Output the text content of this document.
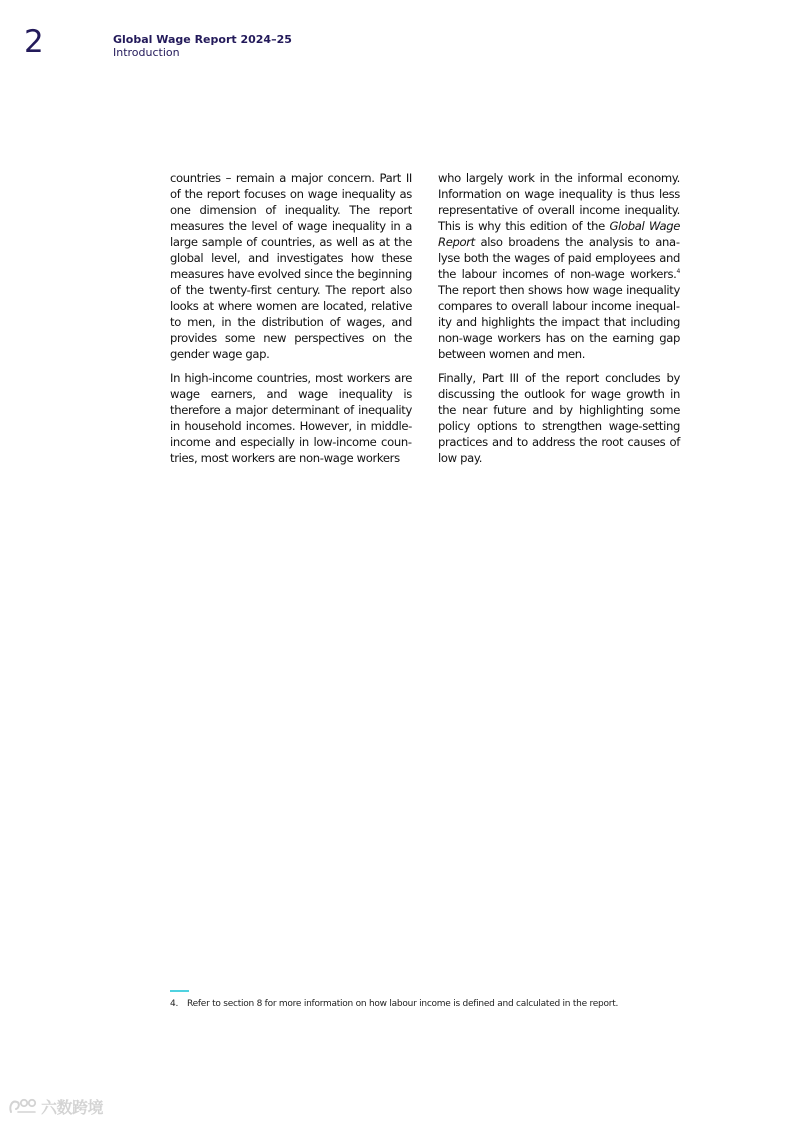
2	Global Wage Report 2024–25
Introduction

countries – remain a major concern. Part II of the report focuses on wage inequality as one dimension of inequality. The report measures the level of wage inequality in a large sample of countries, as well as at the global level, and investigates how these measures have evolved since the beginning of the twenty-first century. The report also looks at where women are located, relative to men, in the distribution of wages, and provides some new perspectives on the gender wage gap.

In high-income countries, most workers are wage earners, and wage inequality is therefore a major determinant of inequality in household incomes. However, in middle-income and especially in low-income countries, most workers are non-wage workers

who largely work in the informal economy. Information on wage inequality is thus less representative of overall income inequality. This is why this edition of the Global Wage Report also broadens the analysis to analyse both the wages of paid employees and the labour incomes of non-wage workers.$^4$ The report then shows how wage inequality compares to overall labour income inequality and highlights the impact that including non-wage workers has on the earning gap between women and men.

Finally, Part III of the report concludes by discussing the outlook for wage growth in the near future and by highlighting some policy options to strengthen wage-setting practices and to address the root causes of low pay.

4. Refer to section 8 for more information on how labour income is defined and calculated in the report.
六数跨境
